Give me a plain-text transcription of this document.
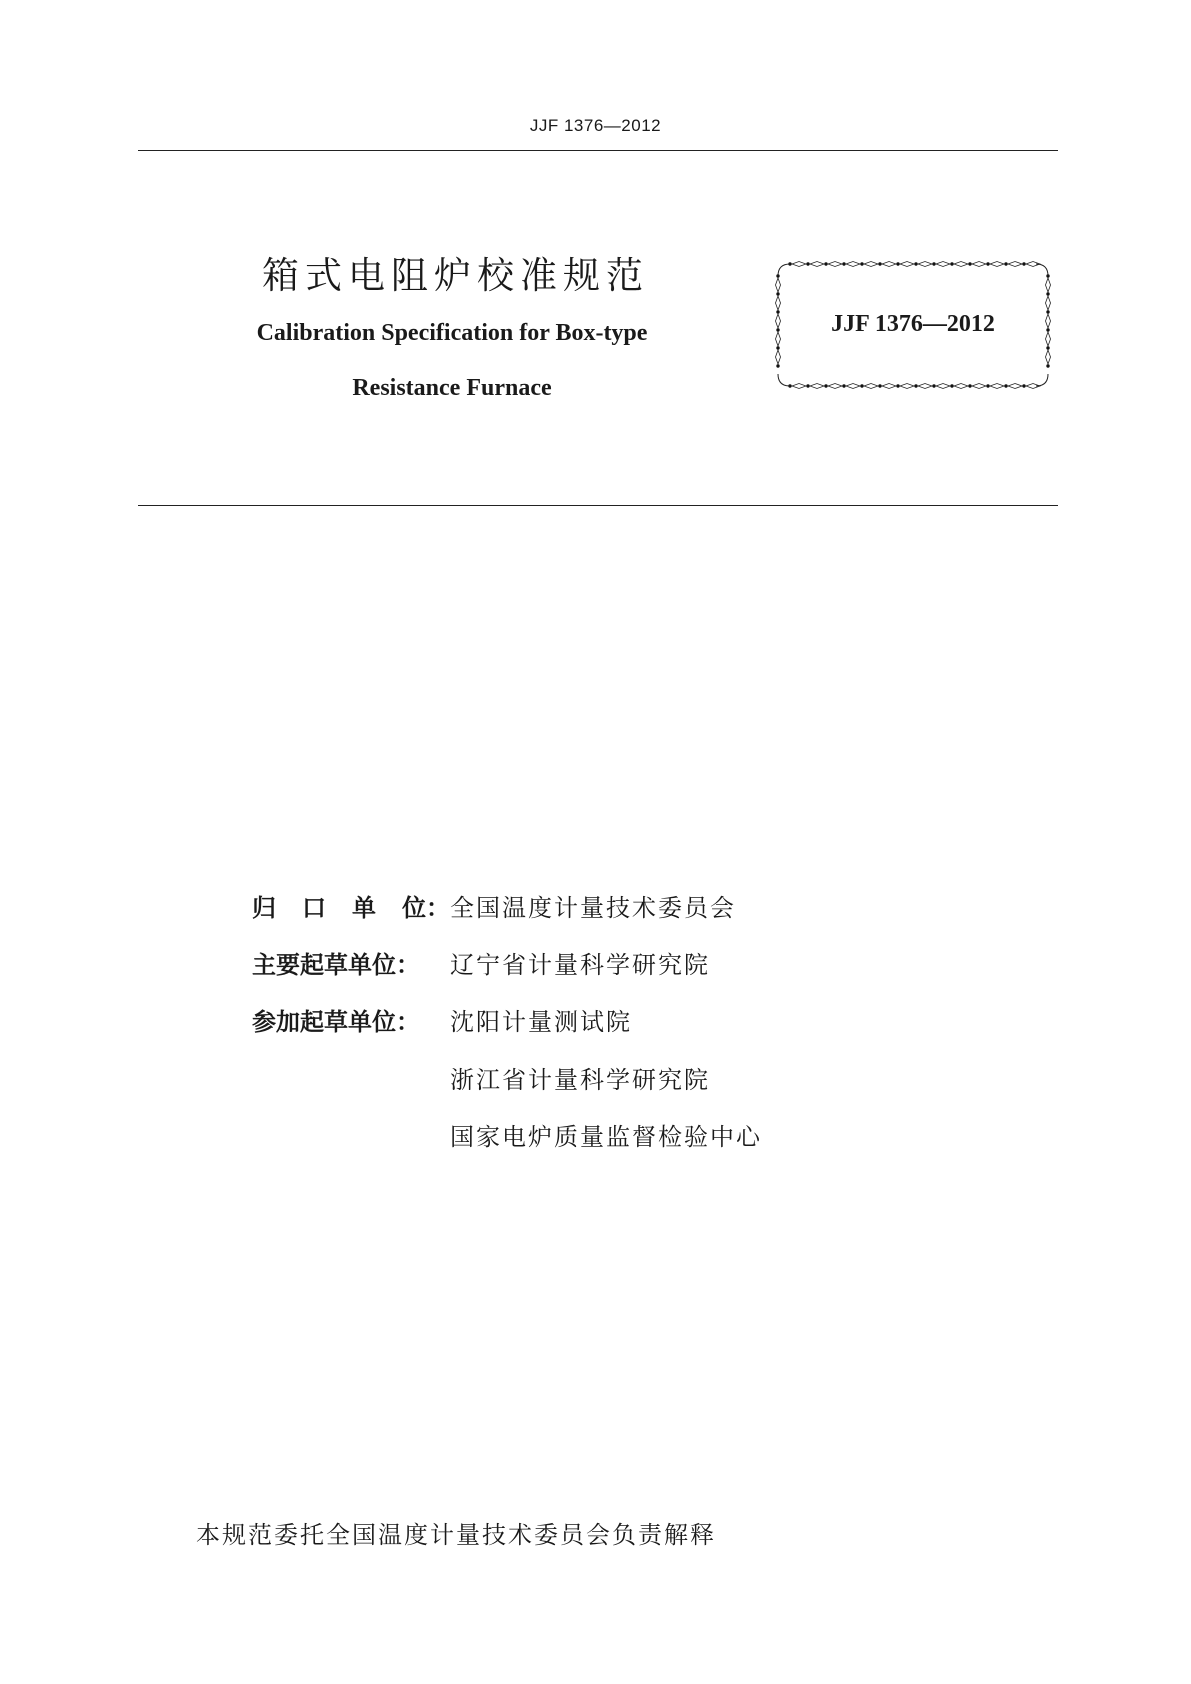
JJF 1376—2012
箱式电阻炉校准规范
Calibration Specification for Box-type
Resistance Furnace
JJF 1376—2012
归 口 单 位： 全国温度计量技术委员会
主要起草单位：	辽宁省计量科学研究院
参加起草单位：	沈阳计量测试院
浙江省计量科学研究院
国家电炉质量监督检验中心
本规范委托全国温度计量技术委员会负责解释
